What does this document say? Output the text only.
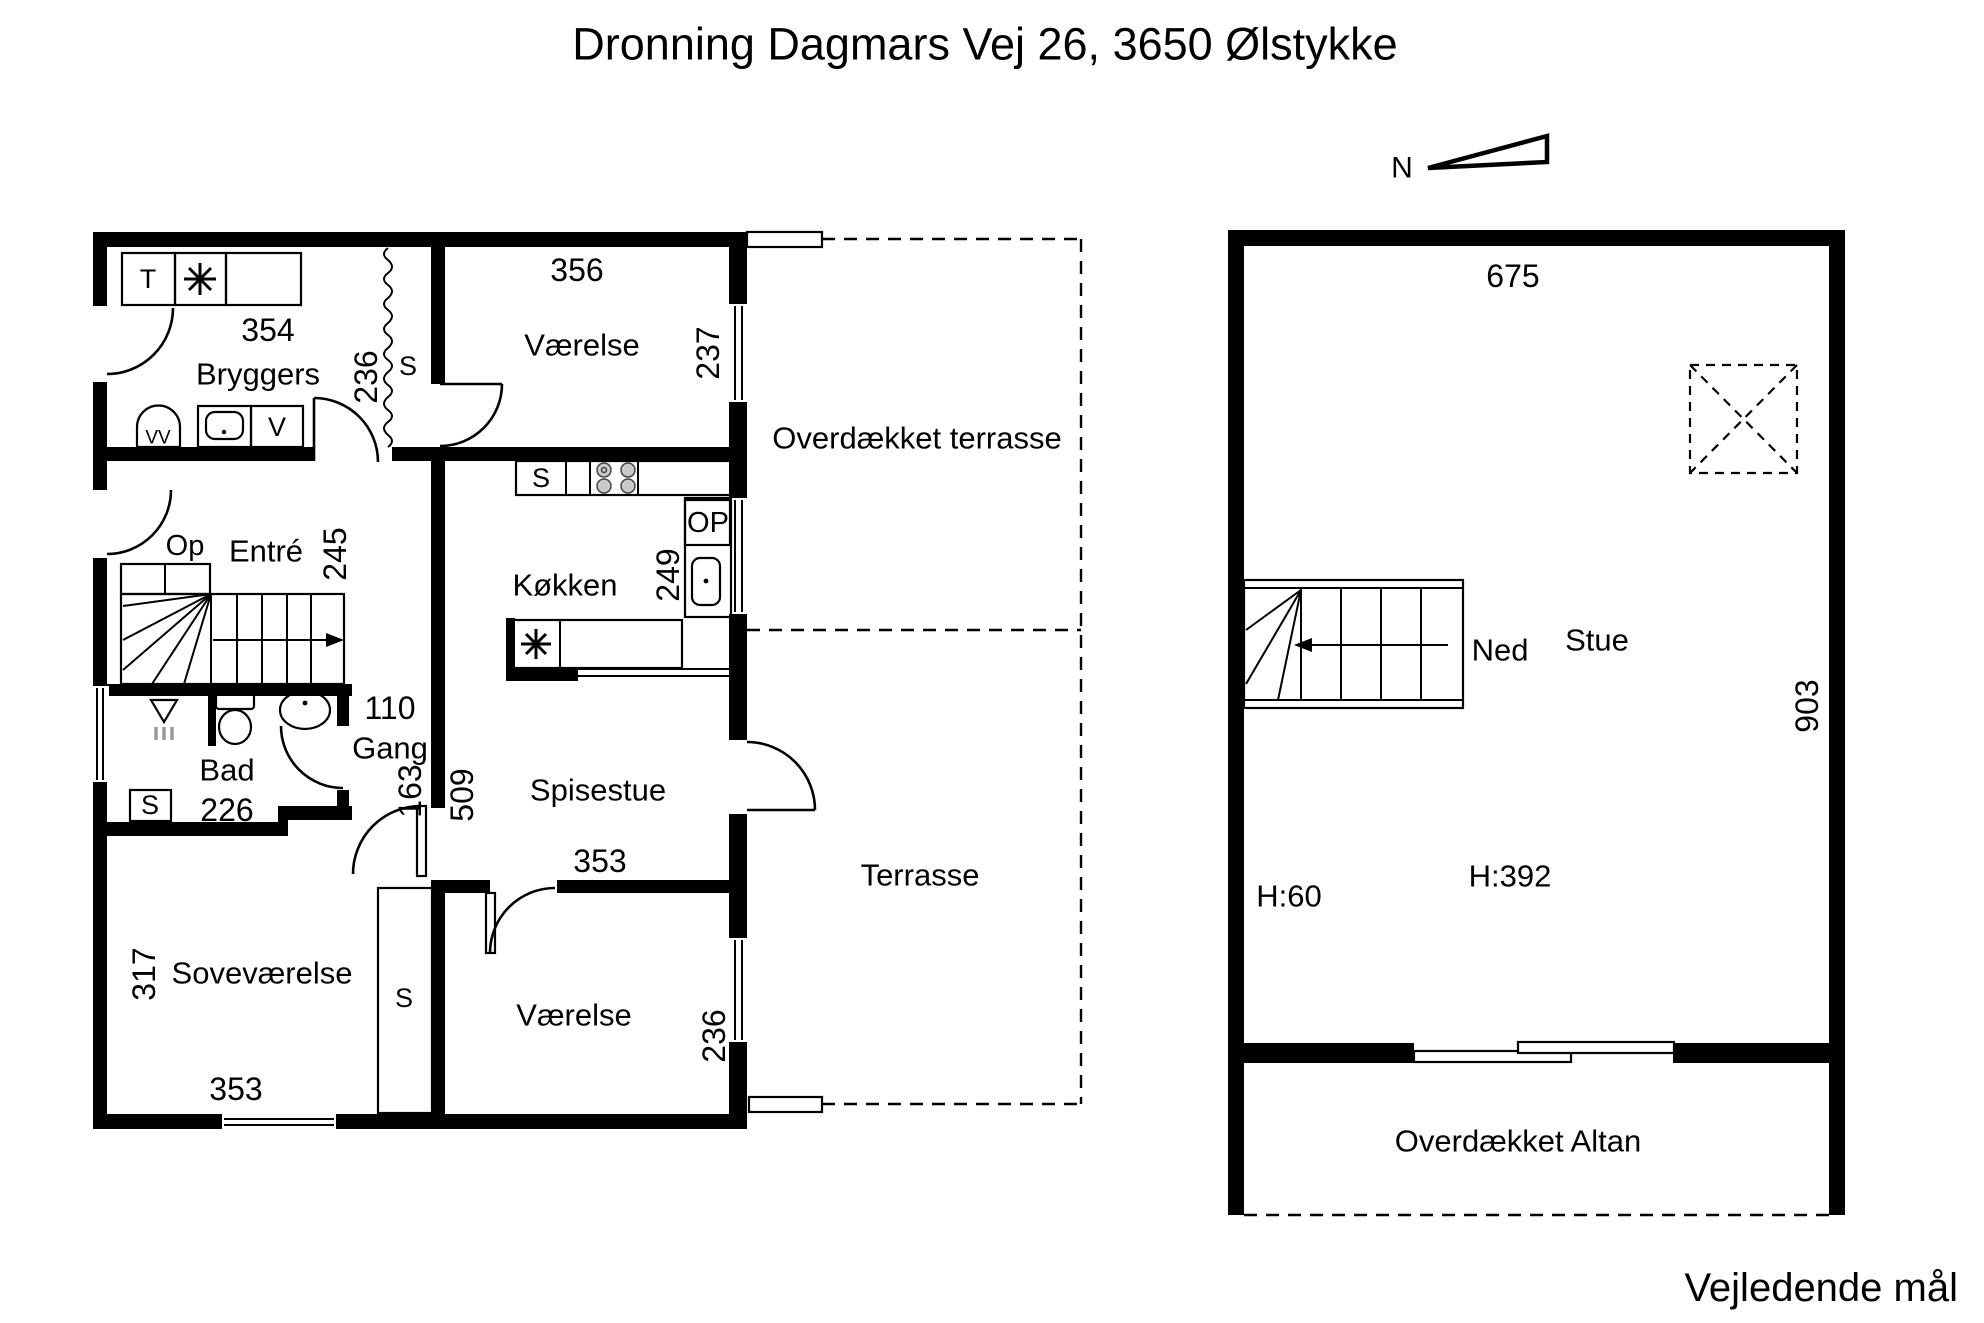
Dronning Dagmars Vej 26, 3650 Ølstykke
N
T
354
Bryggers 236 S
VV	V
356
Værelse 237
S
OP
Køkken 249
Op Entré 245
110
Gang
163
Bad
226
S
317 Soveværelse
353
S
Spisestue
509
353
Værelse 236
Overdækket terrasse
Terrasse
675
Ned Stue
903
H:60
H:392
Overdækket Altan
Vejledende mål
